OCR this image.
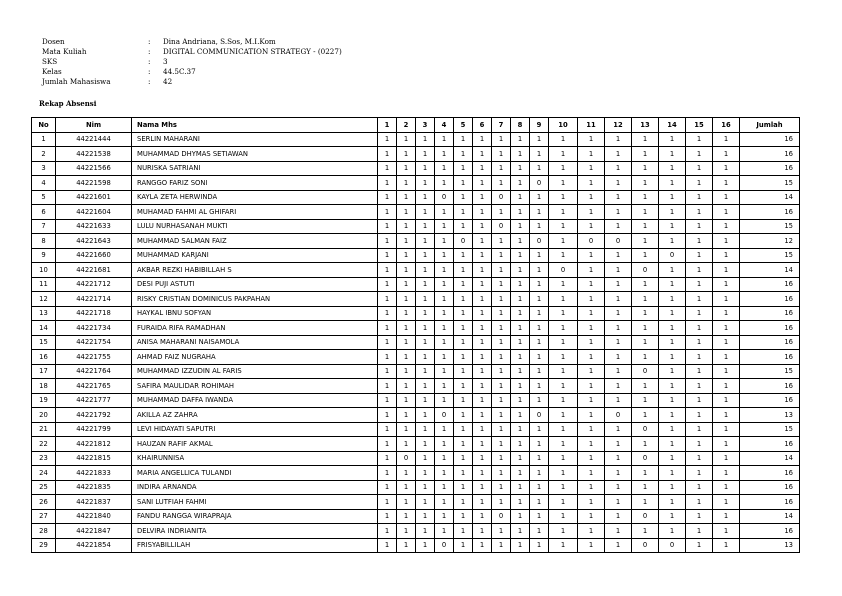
Dosen	:	Dina Andriana, S.Sos, M.I.Kom
Mata Kuliah	:	DIGITAL COMMUNICATION STRATEGY - (0227)
SKS	:	3
Kelas	:	44.5C.37
Jumlah Mahasiswa	:	42
Rekap Absensi
No	Nim	Nama Mhs	1	2	3	4	5	6	7	8	9	10	11	12	13	14	15	16	Jumlah
1	44221444	SERLIN MAHARANI	1	1	1	1	1	1	1	1	1	1	1	1	1	1	1	1	16
2	44221538	MUHAMMAD DHYMAS SETIAWAN	1	1	1	1	1	1	1	1	1	1	1	1	1	1	1	1	16
3	44221566	NURISKA SATRIANI	1	1	1	1	1	1	1	1	1	1	1	1	1	1	1	1	16
4	44221598	RANGGO FARIZ SONI	1	1	1	1	1	1	1	1	0	1	1	1	1	1	1	1	15
5	44221601	KAYLA ZETA HERWINDA	1	1	1	0	1	1	0	1	1	1	1	1	1	1	1	1	14
6	44221604	MUHAMAD FAHMI AL GHIFARI	1	1	1	1	1	1	1	1	1	1	1	1	1	1	1	1	16
7	44221633	LULU NURHASANAH MUKTI	1	1	1	1	1	1	0	1	1	1	1	1	1	1	1	1	15
8	44221643	MUHAMMAD SALMAN FAIZ	1	1	1	1	0	1	1	1	0	1	0	0	1	1	1	1	12
9	44221660	MUHAMMAD KARJANI	1	1	1	1	1	1	1	1	1	1	1	1	1	0	1	1	15
10	44221681	AKBAR REZKI HABIBILLAH S	1	1	1	1	1	1	1	1	1	0	1	1	0	1	1	1	14
11	44221712	DESI PUJI ASTUTI	1	1	1	1	1	1	1	1	1	1	1	1	1	1	1	1	16
12	44221714	RISKY CRISTIAN DOMINICUS PAKPAHAN	1	1	1	1	1	1	1	1	1	1	1	1	1	1	1	1	16
13	44221718	HAYKAL IBNU SOFYAN	1	1	1	1	1	1	1	1	1	1	1	1	1	1	1	1	16
14	44221734	FURAIDA RIFA RAMADHAN	1	1	1	1	1	1	1	1	1	1	1	1	1	1	1	1	16
15	44221754	ANISA MAHARANI NAISAMOLA	1	1	1	1	1	1	1	1	1	1	1	1	1	1	1	1	16
16	44221755	AHMAD FAIZ NUGRAHA	1	1	1	1	1	1	1	1	1	1	1	1	1	1	1	1	16
17	44221764	MUHAMMAD IZZUDIN AL FARIS	1	1	1	1	1	1	1	1	1	1	1	1	0	1	1	1	15
18	44221765	SAFIRA MAULIDAR ROHIMAH	1	1	1	1	1	1	1	1	1	1	1	1	1	1	1	1	16
19	44221777	MUHAMMAD DAFFA IWANDA	1	1	1	1	1	1	1	1	1	1	1	1	1	1	1	1	16
20	44221792	AKILLA AZ ZAHRA	1	1	1	0	1	1	1	1	0	1	1	0	1	1	1	1	13
21	44221799	LEVI HIDAYATI SAPUTRI	1	1	1	1	1	1	1	1	1	1	1	1	0	1	1	1	15
22	44221812	HAUZAN RAFIF AKMAL	1	1	1	1	1	1	1	1	1	1	1	1	1	1	1	1	16
23	44221815	KHAIRUNNISA	1	0	1	1	1	1	1	1	1	1	1	1	0	1	1	1	14
24	44221833	MARIA ANGELLICA TULANDI	1	1	1	1	1	1	1	1	1	1	1	1	1	1	1	1	16
25	44221835	INDIRA ARNANDA	1	1	1	1	1	1	1	1	1	1	1	1	1	1	1	1	16
26	44221837	SANI LUTFIAH FAHMI	1	1	1	1	1	1	1	1	1	1	1	1	1	1	1	1	16
27	44221840	FANDU RANGGA WIRAPRAJA	1	1	1	1	1	1	0	1	1	1	1	1	0	1	1	1	14
28	44221847	DELVIRA INDRIANITA	1	1	1	1	1	1	1	1	1	1	1	1	1	1	1	1	16
29	44221854	FRISYABILLILAH	1	1	1	0	1	1	1	1	1	1	1	1	0	0	1	1	13
